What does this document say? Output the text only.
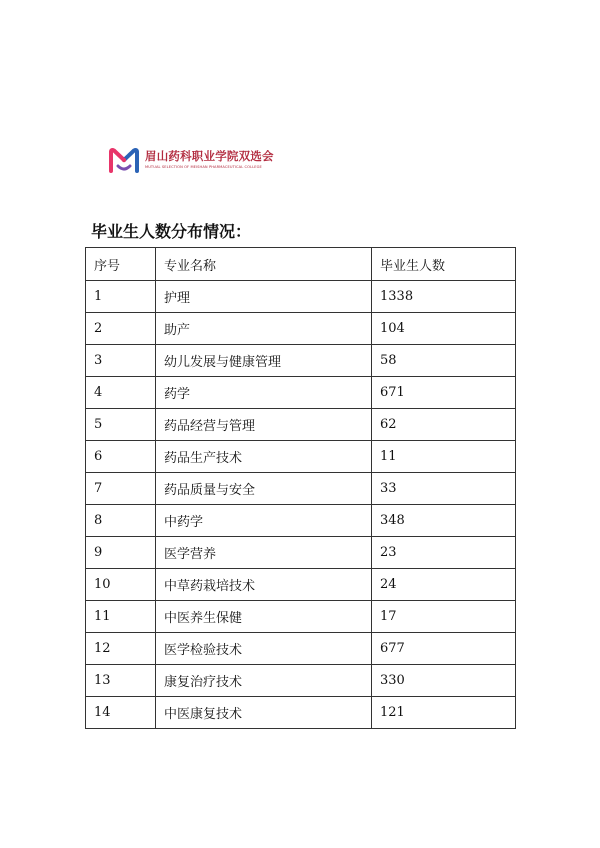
眉山药科职业学院双选会
MUTUAL SELECTION OF MEISHAN PHARMACEUTICAL COLLEGE
毕业生人数分布情况：
序号	专业名称	毕业生人数
1	护理	1338
2	助产	104
3	幼儿发展与健康管理	58
4	药学	671
5	药品经营与管理	62
6	药品生产技术	11
7	药品质量与安全	33
8	中药学	348
9	医学营养	23
10	中草药栽培技术	24
11	中医养生保健	17
12	医学检验技术	677
13	康复治疗技术	330
14	中医康复技术	121
